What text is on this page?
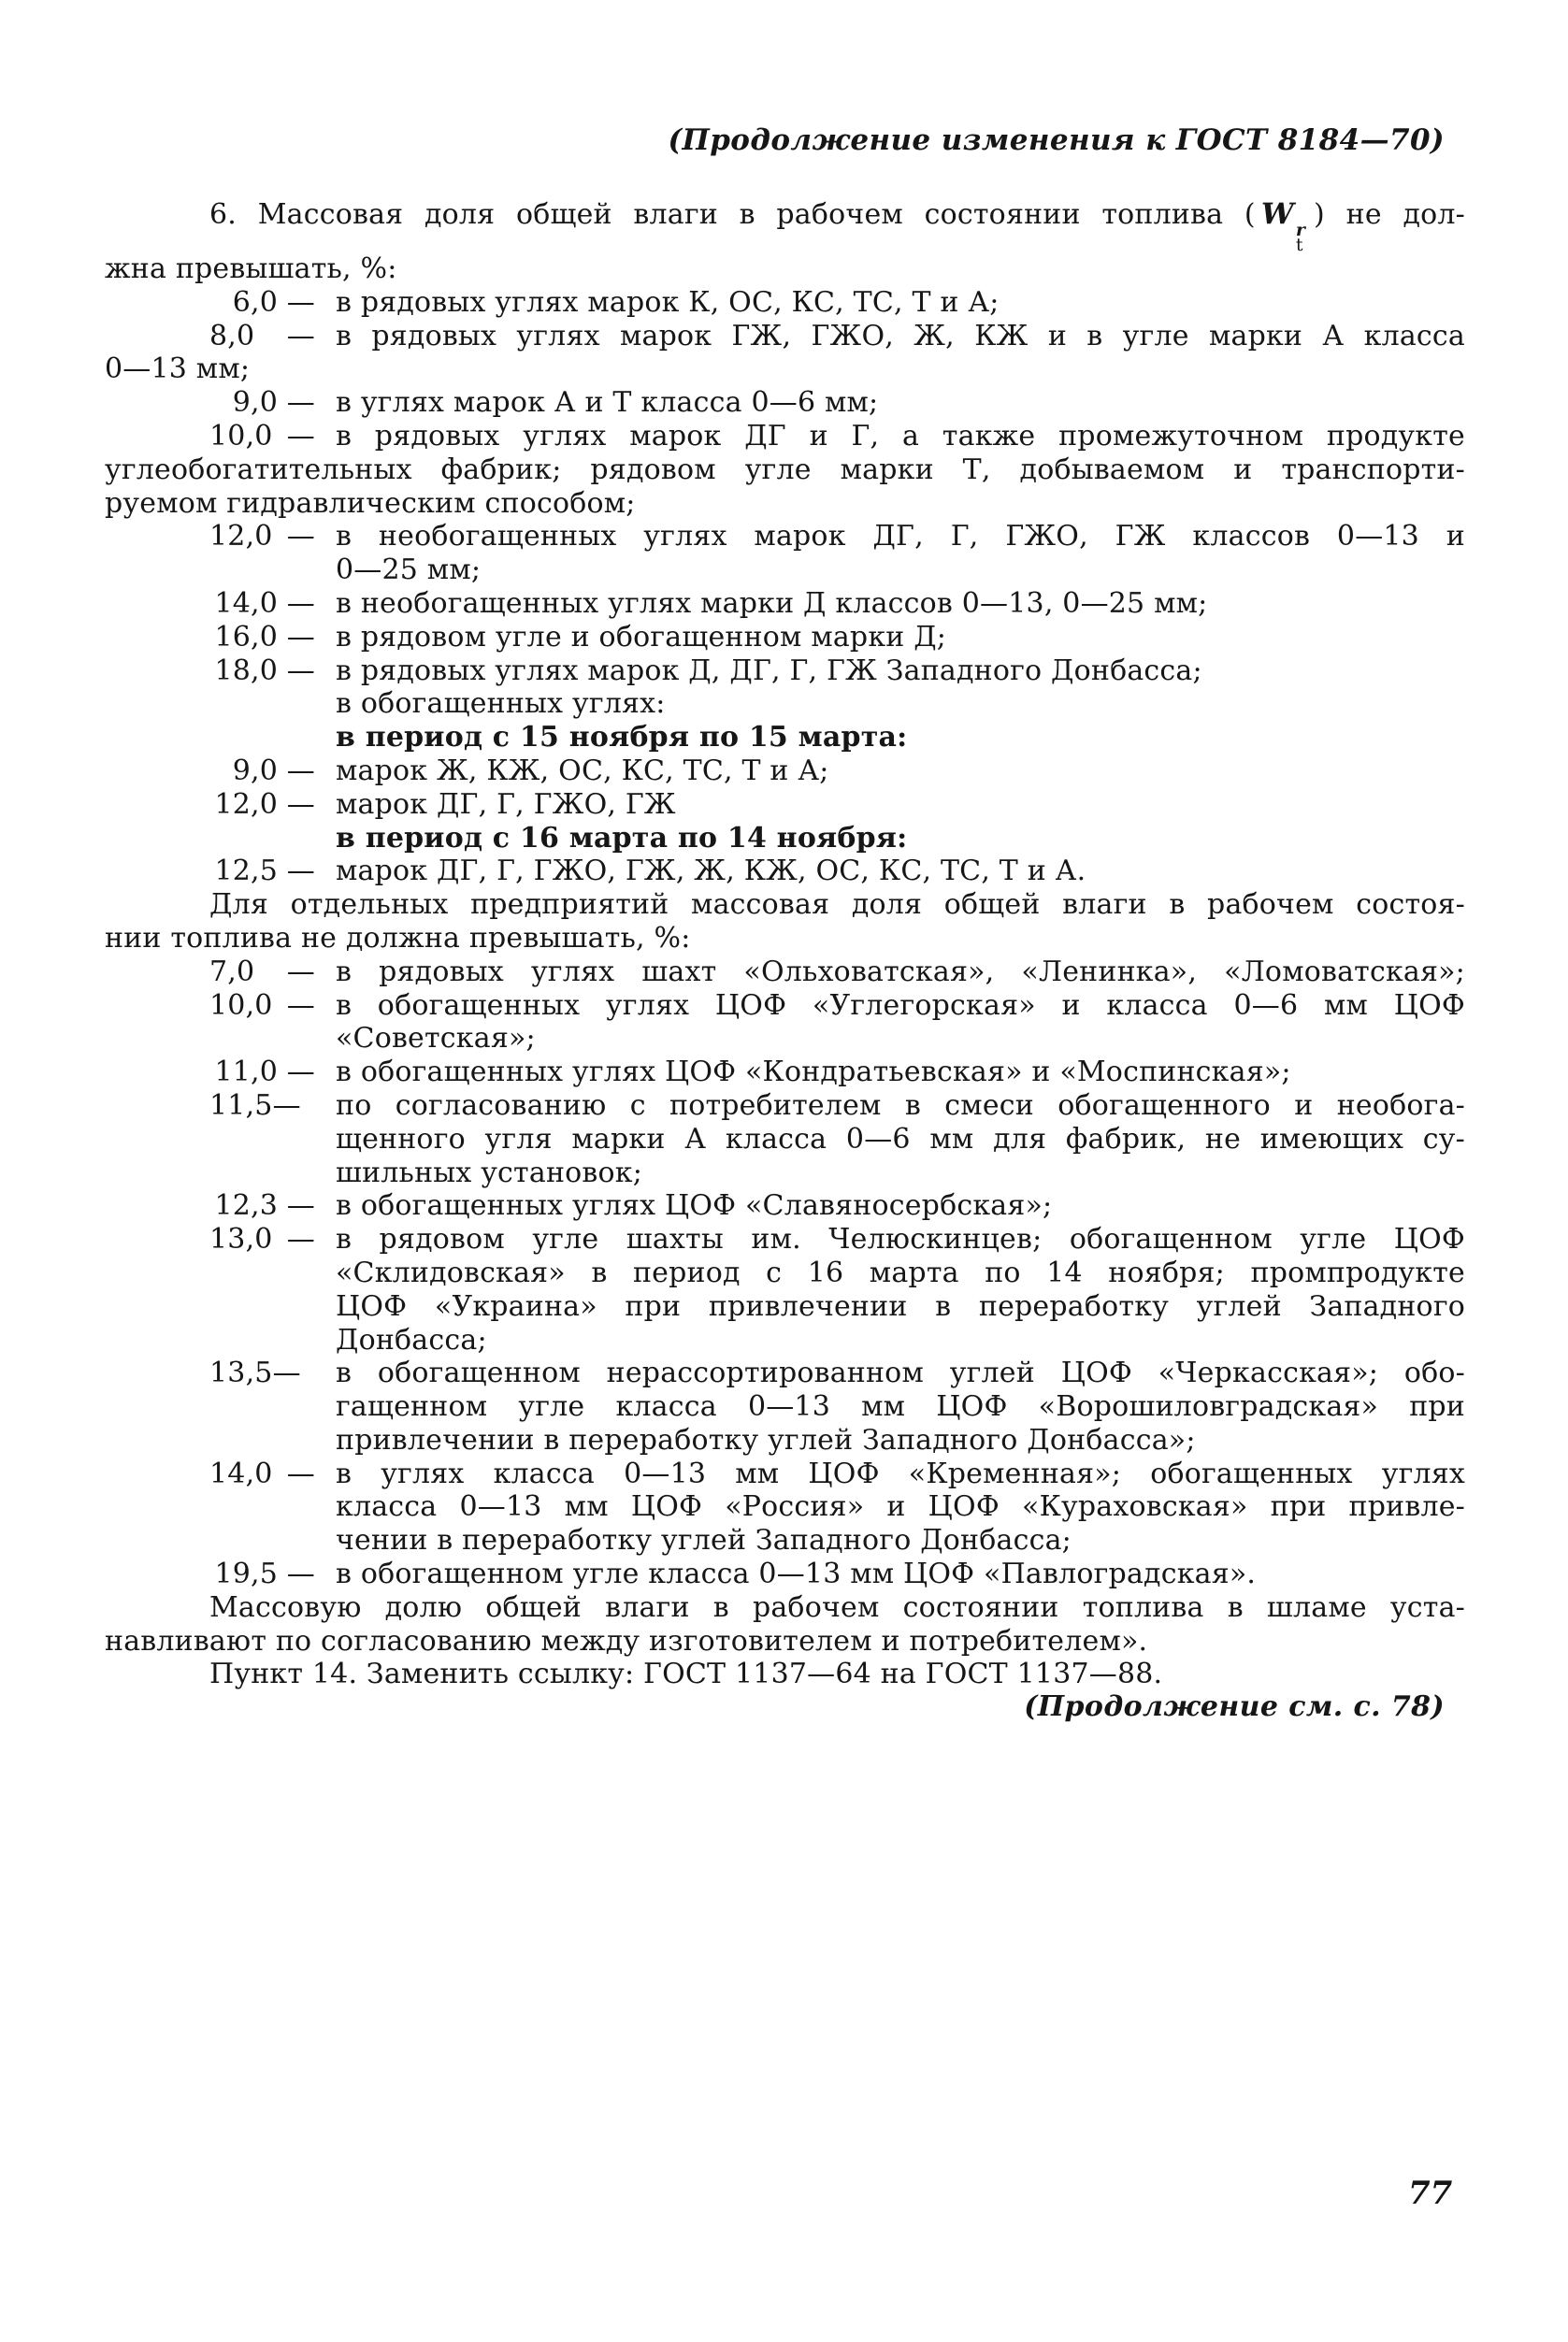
(Продолжение изменения к ГОСТ 8184—70)
6. Массовая доля общей влаги в рабочем состоянии топлива ( W r
t
) не дол-
жна превышать, %:
6,0 — в рядовых углях марок К, ОС, КС, ТС, Т и А;
8,0 — в рядовых углях марок ГЖ, ГЖО, Ж, КЖ и в угле марки А класса
0—13 мм;
9,0 — в углях марок А и Т класса 0—6 мм;
10,0 — в рядовых углях марок ДГ и Г, а также промежуточном продукте
углеобогатительных фабрик; рядовом угле марки Т, добываемом и транспорти-
руемом гидравлическим способом;
12,0 — в необогащенных углях марок ДГ, Г, ГЖО, ГЖ классов 0—13 и
0—25 мм;
14,0 — в необогащенных углях марки Д классов 0—13, 0—25 мм;
16,0 — в рядовом угле и обогащенном марки Д;
18,0 — в рядовых углях марок Д, ДГ, Г, ГЖ Западного Донбасса;
в обогащенных углях:
в период с 15 ноября по 15 марта:
9,0 — марок Ж, КЖ, ОС, КС, ТС, Т и А;
12,0 — марок ДГ, Г, ГЖО, ГЖ
в период с 16 марта по 14 ноября:
12,5 — марок ДГ, Г, ГЖО, ГЖ, Ж, КЖ, ОС, КС, ТС, Т и А.
Для отдельных предприятий массовая доля общей влаги в рабочем состоя-
нии топлива не должна превышать, %:
7,0 — в рядовых углях шахт «Ольховатская», «Ленинка», «Ломоватская»;
10,0 — в обогащенных углях ЦОФ «Углегорская» и класса 0—6 мм ЦОФ
«Советская»;
11,0 — в обогащенных углях ЦОФ «Кондратьевская» и «Моспинская»;
11,5—	по согласованию с потребителем в смеси обогащенного и необога-
щенного угля марки А класса 0—6 мм для фабрик, не имеющих су-
шильных установок;
12,3 — в обогащенных углях ЦОФ «Славяносербская»;
13,0 — в рядовом угле шахты им. Челюскинцев; обогащенном угле ЦОФ
«Склидовская» в период с 16 марта по 14 ноября; промпродукте
ЦОФ «Украина» при привлечении в переработку углей Западного
Донбасса;
13,5—	в обогащенном нерассортированном углей ЦОФ «Черкасская»; обо-
гащенном угле класса 0—13 мм ЦОФ «Ворошиловградская» при
привлечении в переработку углей Западного Донбасса»;
14,0 — в углях класса 0—13 мм ЦОФ «Кременная»; обогащенных углях
класса 0—13 мм ЦОФ «Россия» и ЦОФ «Кураховская» при привле-
чении в переработку углей Западного Донбасса;
19,5 — в обогащенном угле класса 0—13 мм ЦОФ «Павлоградская».
Массовую долю общей влаги в рабочем состоянии топлива в шламе уста-
навливают по согласованию между изготовителем и потребителем».
Пункт 14. Заменить ссылку: ГОСТ 1137—64 на ГОСТ 1137—88.
(Продолжение см. с. 78)
77
